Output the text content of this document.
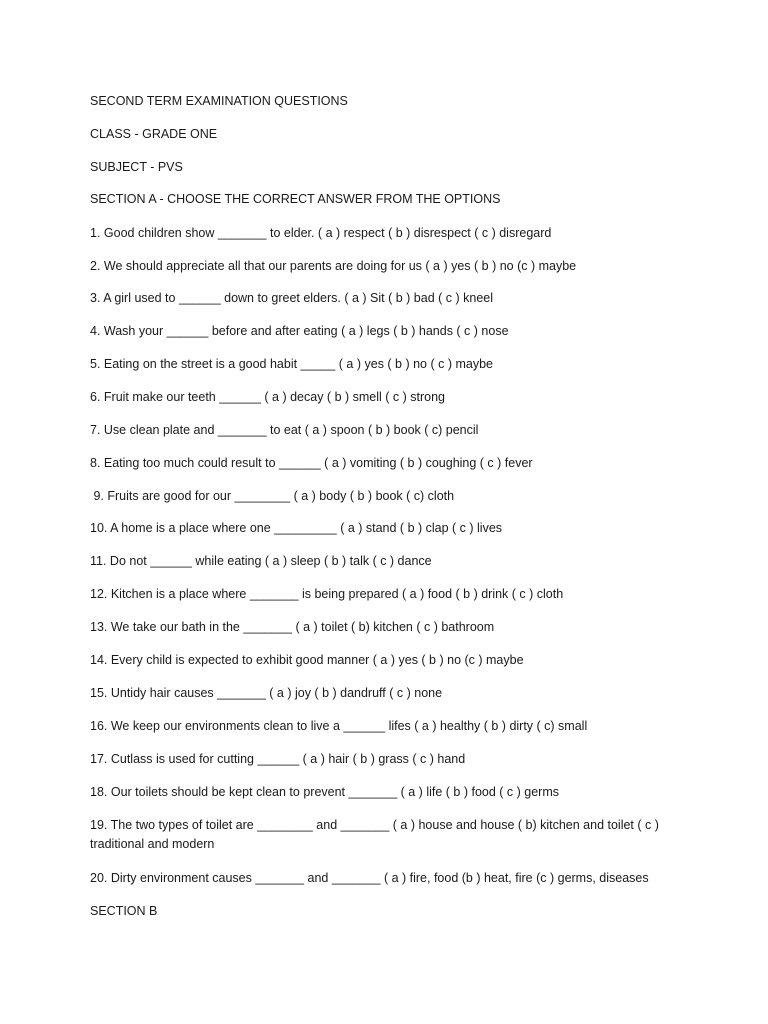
SECOND TERM EXAMINATION QUESTIONS
CLASS - GRADE ONE
SUBJECT - PVS
SECTION A - CHOOSE THE CORRECT ANSWER FROM THE OPTIONS
1. Good children show _______ to elder. ( a ) respect ( b ) disrespect ( c ) disregard
2. We should appreciate all that our parents are doing for us ( a ) yes ( b ) no (c ) maybe
3. A girl used to ______ down to greet elders. ( a ) Sit ( b ) bad ( c ) kneel
4. Wash your ______ before and after eating ( a ) legs ( b ) hands ( c ) nose
5. Eating on the street is a good habit _____ ( a ) yes ( b ) no ( c ) maybe
6. Fruit make our teeth ______ ( a ) decay ( b ) smell ( c ) strong
7. Use clean plate and _______ to eat ( a ) spoon ( b ) book ( c) pencil
8. Eating too much could result to ______ ( a ) vomiting ( b ) coughing ( c ) fever
9. Fruits are good for our ________ ( a ) body ( b ) book ( c) cloth
10. A home is a place where one _________ ( a ) stand ( b ) clap ( c ) lives
11. Do not ______ while eating ( a ) sleep ( b ) talk ( c ) dance
12. Kitchen is a place where _______ is being prepared ( a ) food ( b ) drink ( c ) cloth
13. We take our bath in the _______ ( a ) toilet ( b) kitchen ( c ) bathroom
14. Every child is expected to exhibit good manner ( a ) yes ( b ) no (c ) maybe
15. Untidy hair causes _______ ( a ) joy ( b ) dandruff ( c ) none
16. We keep our environments clean to live a ______ lifes ( a ) healthy ( b ) dirty ( c) small
17. Cutlass is used for cutting ______ ( a ) hair ( b ) grass ( c ) hand
18. Our toilets should be kept clean to prevent _______ ( a ) life ( b ) food ( c ) germs
19. The two types of toilet are ________ and _______ ( a ) house and house ( b) kitchen and toilet ( c ) traditional and modern
20. Dirty environment causes _______ and _______ ( a ) fire, food (b ) heat, fire (c ) germs, diseases
SECTION B
